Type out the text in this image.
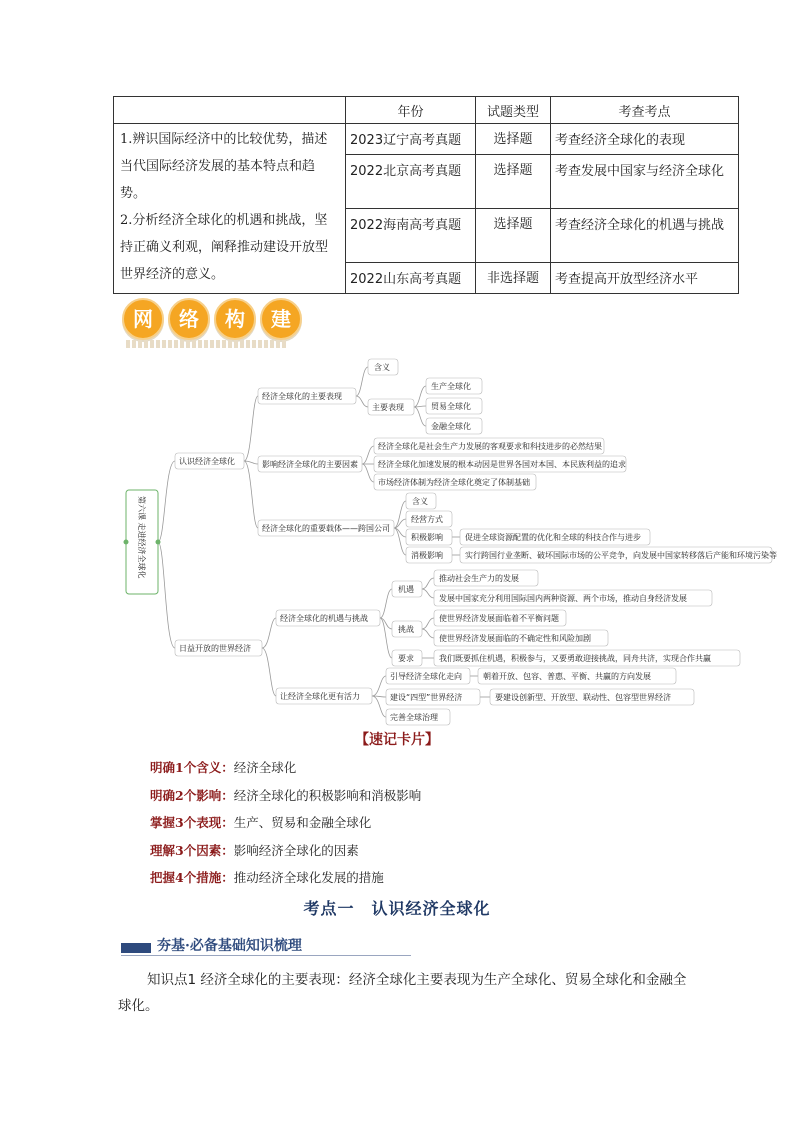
	年份	试题类型	考查考点

1.辨识国际经济中的比较优势，描述当代国际经济发展的基本特点和趋势。

2.分析经济全球化的机遇和挑战，坚持正确义利观，阐释推动建设开放型世界经济的意义。	2023辽宁高考真题	选择题	考查经济全球化的表现
	2022北京高考真题	选择题	考查发展中国家与经济全球化
	2022海南高考真题	选择题	考查经济全球化的机遇与挑战
	2022山东高考真题	非选择题	考查提高开放型经济水平
网	络	构	建
第六课 走进经济全球化
认识经济全球化
日益开放的世界经济
经济全球化的主要表现
含义
主要表现
生产全球化
贸易全球化
金融全球化
影响经济全球化的主要因素
经济全球化是社会生产力发展的客观要求和科技进步的必然结果
经济全球化加速发展的根本动因是世界各国对本国、本民族利益的追求
市场经济体制为经济全球化奠定了体制基础
经济全球化的重要载体——跨国公司
含义
经营方式
积极影响	促进全球资源配置的优化和全球的科技合作与进步
消极影响	实行跨国行业垄断、破坏国际市场的公平竞争，向发展中国家转移落后产能和环境污染等
经济全球化的机遇与挑战
机遇
推动社会生产力的发展
发展中国家充分利用国际国内两种资源、两个市场，推动自身经济发展
挑战
使世界经济发展面临着不平衡问题
使世界经济发展面临的不确定性和风险加剧
要求	我们既要抓住机遇，积极参与，又要勇敢迎接挑战，同舟共济，实现合作共赢
让经济全球化更有活力
引导经济全球化走向	朝着开放、包容、普惠、平衡、共赢的方向发展
建设“四型”世界经济	要建设创新型、开放型、联动性、包容型世界经济
完善全球治理
【速记卡片】
明确1个含义：经济全球化
明确2个影响：经济全球化的积极影响和消极影响
掌握3个表现：生产、贸易和金融全球化
理解3个因素：影响经济全球化的因素
把握4个措施：推动经济全球化发展的措施
考点一　认识经济全球化
夯基·必备基础知识梳理

知识点1 经济全球化的主要表现：经济全球化主要表现为生产全球化、贸易全球化和金融全球化。
